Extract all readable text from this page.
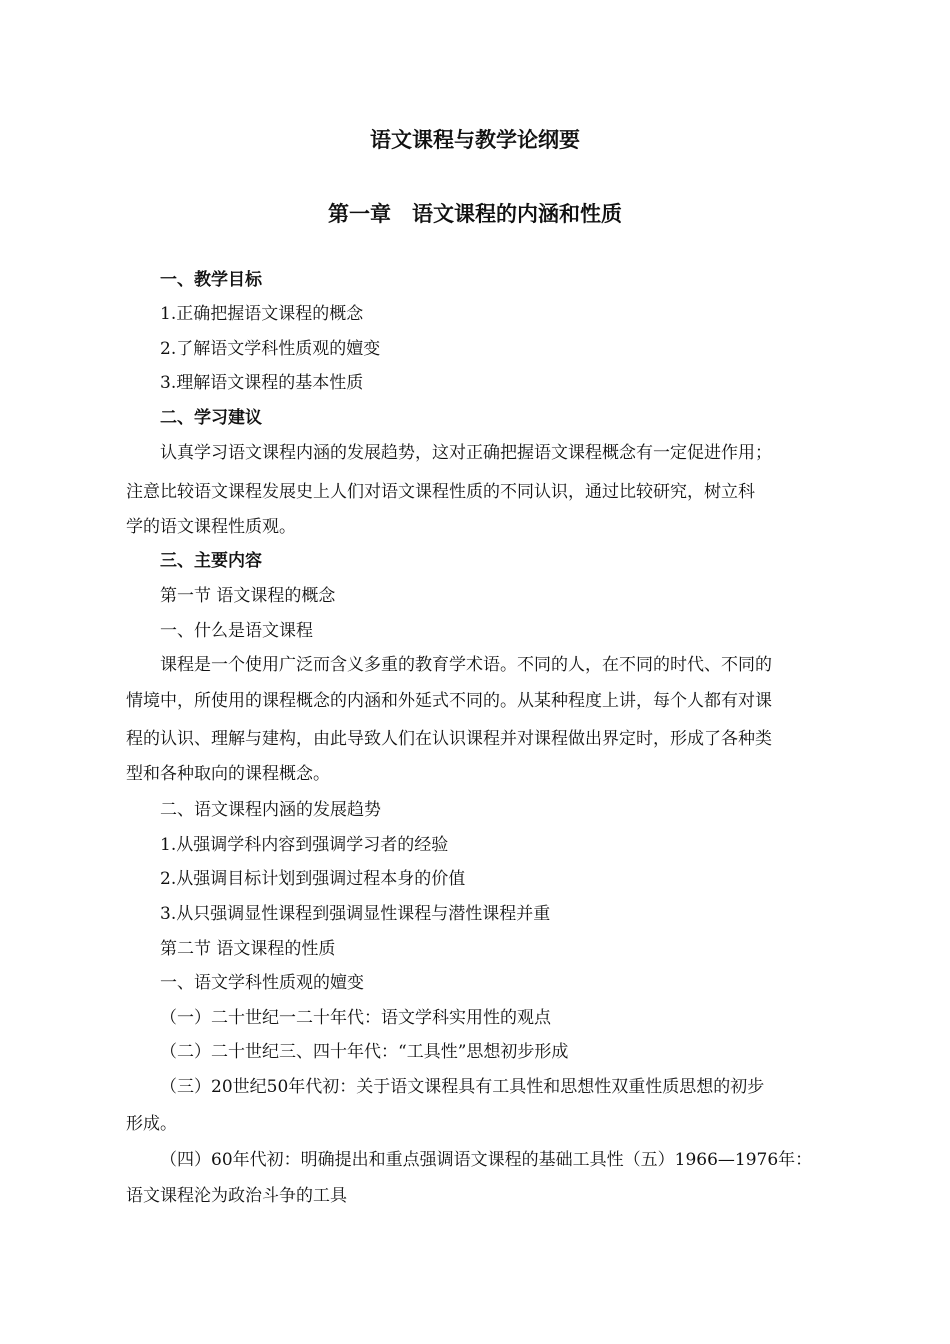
语文课程与教学论纲要
第一章　语文课程的内涵和性质
一、教学目标
1.正确把握语文课程的概念
2.了解语文学科性质观的嬗变
3.理解语文课程的基本性质
二、学习建议
认真学习语文课程内涵的发展趋势，这对正确把握语文课程概念有一定促进作用；
注意比较语文课程发展史上人们对语文课程性质的不同认识，通过比较研究，树立科
学的语文课程性质观。
三、主要内容
第一节 语文课程的概念
一、什么是语文课程
课程是一个使用广泛而含义多重的教育学术语。不同的人，在不同的时代、不同的
情境中，所使用的课程概念的内涵和外延式不同的。从某种程度上讲，每个人都有对课
程的认识、理解与建构，由此导致人们在认识课程并对课程做出界定时，形成了各种类
型和各种取向的课程概念。
二、语文课程内涵的发展趋势
1.从强调学科内容到强调学习者的经验
2.从强调目标计划到强调过程本身的价值
3.从只强调显性课程到强调显性课程与潜性课程并重
第二节 语文课程的性质
一、语文学科性质观的嬗变
（一）二十世纪一二十年代：语文学科实用性的观点
（二）二十世纪三、四十年代：“工具性”思想初步形成
（三）20世纪50年代初：关于语文课程具有工具性和思想性双重性质思想的初步
形成。
（四）60年代初：明确提出和重点强调语文课程的基础工具性（五）1966—1976年：
语文课程沦为政治斗争的工具
